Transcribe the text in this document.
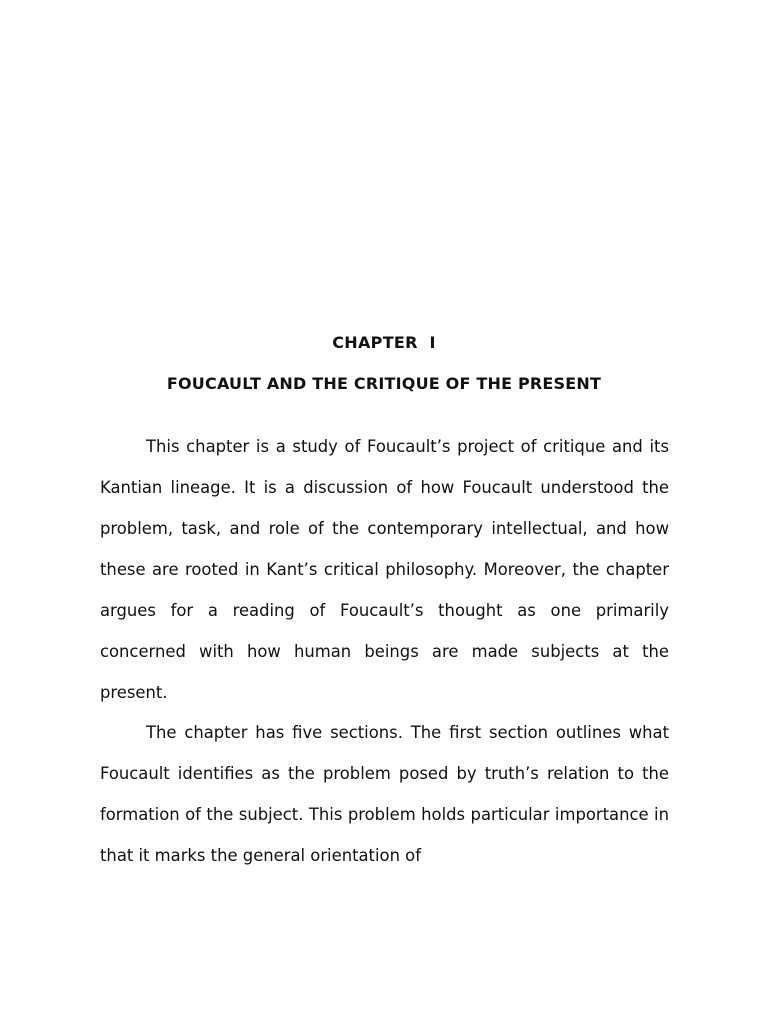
CHAPTER  I
FOUCAULT AND THE CRITIQUE OF THE PRESENT

This chapter is a study of Foucault’s project of critique and its Kantian lineage. It is a discussion of how Foucault understood the problem, task, and role of the contemporary intellectual, and how these are rooted in Kant’s critical philosophy. Moreover, the chapter argues for a reading of Foucault’s thought as one primarily concerned with how human beings are made subjects at the present.

The chapter has five sections. The first section outlines what Foucault identifies as the problem posed by truth’s relation to the formation of the subject. This problem holds particular importance in that it marks the general orientation of
